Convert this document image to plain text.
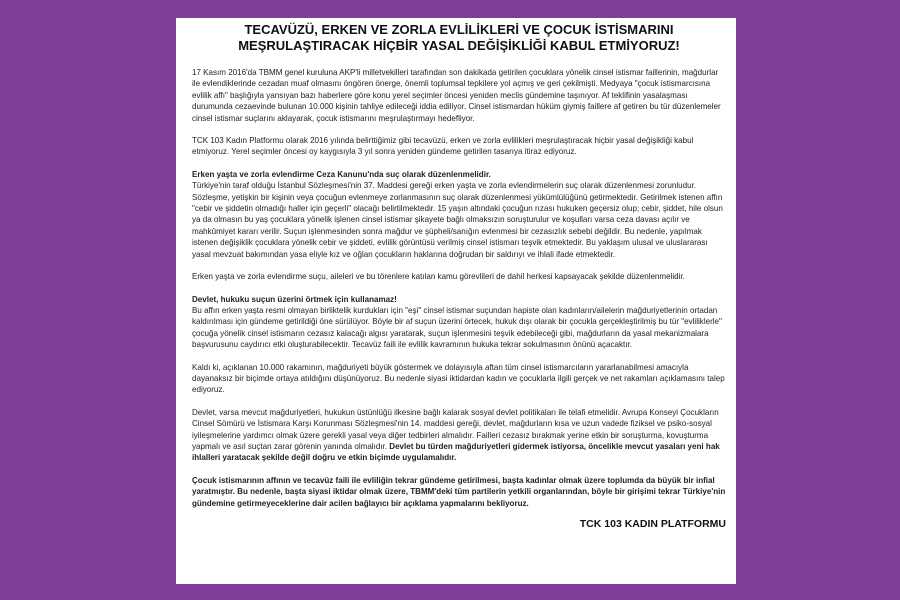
TECAVÜZÜ, ERKEN VE ZORLA EVLİLİKLERİ VE ÇOCUK İSTİSMARINI MEŞRULAŞTIRACAK HİÇBİR YASAL DEĞİŞİKLİĞİ KABUL ETMİYORUZ!

17 Kasım 2016'da TBMM genel kuruluna AKP'li milletvekilleri tarafından son dakikada getirilen çocuklara yönelik cinsel istismar faillerinin, mağdurlar ile evlendiklerinde cezadan muaf olmasını öngören önerge, önemli toplumsal tepkilere yol açmış ve geri çekilmişti. Medyaya "çocuk istismarcısına evlilik affı" başlığıyla yansıyan bazı haberlere göre konu yerel seçimler öncesi yeniden meclis gündemine taşınıyor. Af teklifinin yasalaşması durumunda cezaevinde bulunan 10.000 kişinin tahliye edileceği iddia ediliyor. Cinsel istismardan hüküm giymiş faillere af getiren bu tür düzenlemeler cinsel istismar suçlarını aklayarak, çocuk istismarını meşrulaştırmayı hedefliyor.

TCK 103 Kadın Platformu olarak 2016 yılında belirttiğimiz gibi tecavüzü, erken ve zorla evlilikleri meşrulaştıracak hiçbir yasal değişikliği kabul etmiyoruz. Yerel seçimler öncesi oy kaygısıyla 3 yıl sonra yeniden gündeme getirilen tasarıya itiraz ediyoruz.

Erken yaşta ve zorla evlendirme Ceza Kanunu'nda suç olarak düzenlenmelidir.
Türkiye'nin taraf olduğu İstanbul Sözleşmesi'nin 37. Maddesi gereği erken yaşta ve zorla evlendirmelerin suç olarak düzenlenmesi zorunludur. Sözleşme, yetişkin bir kişinin veya çocuğun evlenmeye zorlanmasının suç olarak düzenlenmesi yükümlülüğünü getirmektedir. Getirilmek istenen affın "cebir ve şiddetin olmadığı haller için geçerli" olacağı belirtilmektedir. 15 yaşın altındaki çocuğun rızası hukuken geçersiz olup; cebir, şiddet, hile olsun ya da olmasın bu yaş çocuklara yönelik işlenen cinsel istismar şikayete bağlı olmaksızın soruşturulur ve koşulları varsa ceza davası açılır ve mahkûmiyet kararı verilir. Suçun işlenmesinden sonra mağdur ve şüpheli/sanığın evlenmesi bir cezasızlık sebebi değildir. Bu nedenle, yapılmak istenen değişiklik çocuklara yönelik cebir ve şiddeti, evlilik görüntüsü verilmiş cinsel istismarı teşvik etmektedir. Bu yaklaşım ulusal ve uluslararası yasal mevzuat bakımından yasa eliyle kız ve oğlan çocukların haklarına doğrudan bir saldırıyı ve ihlali ifade etmektedir.

Erken yaşta ve zorla evlendirme suçu, aileleri ve bu törenlere katılan kamu görevlileri de dahil herkesi kapsayacak şekilde düzenlenmelidir.

Devlet, hukuku suçun üzerini örtmek için kullanamaz!
Bu affın erken yaşta resmi olmayan birliktelik kurdukları için "eşi" cinsel istismar suçundan hapiste olan kadınların/ailelerin mağduriyetlerinin ortadan kaldırılması için gündeme getirildiği öne sürülüyor. Böyle bir af suçun üzerini örtecek, hukuk dışı olarak bir çocukla gerçekleştirilmiş bu tür "evliliklerle" çocuğa yönelik cinsel istismarın cezasız kalacağı algısı yaratarak, suçun işlenmesini teşvik edebileceği gibi, mağdurların da yasal mekanizmalara başvurusunu caydırıcı etki oluşturabilecektir. Tecavüz faili ile evlilik kavramının hukuka tekrar sokulmasının önünü açacaktır.

Kaldı ki, açıklanan 10.000 rakamının, mağduriyeti büyük göstermek ve dolayısıyla aftan tüm cinsel istismarcıların yararlanabilmesi amacıyla dayanaksız bir biçimde ortaya atıldığını düşünüyoruz. Bu nedenle siyasi iktidardan kadın ve çocuklarla ilgili gerçek ve net rakamları açıklamasını talep ediyoruz.

Devlet, varsa mevcut mağduriyetleri, hukukun üstünlüğü ilkesine bağlı kalarak sosyal devlet politikaları ile telafi etmelidir. Avrupa Konseyi Çocukların Cinsel Sömürü ve İstismara Karşı Korunması Sözleşmesi'nin 14. maddesi gereği, devlet, mağdurların kısa ve uzun vadede fiziksel ve psiko-sosyal iyileşmelerine yardımcı olmak üzere gerekli yasal veya diğer tedbirleri almalıdır. Failleri cezasız bırakmak yerine etkin bir soruşturma, kovuşturma yapmalı ve asıl suçtan zarar görenin yanında olmalıdır. Devlet bu türden mağduriyetleri gidermek istiyorsa, öncelikle mevcut yasaları yeni hak ihlalleri yaratacak şekilde değil doğru ve etkin biçimde uygulamalıdır.

Çocuk istismarının affının ve tecavüz faili ile evliliğin tekrar gündeme getirilmesi, başta kadınlar olmak üzere toplumda da büyük bir infial yaratmıştır. Bu nedenle, başta siyasi iktidar olmak üzere, TBMM'deki tüm partilerin yetkili organlarından, böyle bir girişimi tekrar Türkiye'nin gündemine getirmeyeceklerine dair acilen bağlayıcı bir açıklama yapmalarını bekliyoruz.

TCK 103 KADIN PLATFORMU
